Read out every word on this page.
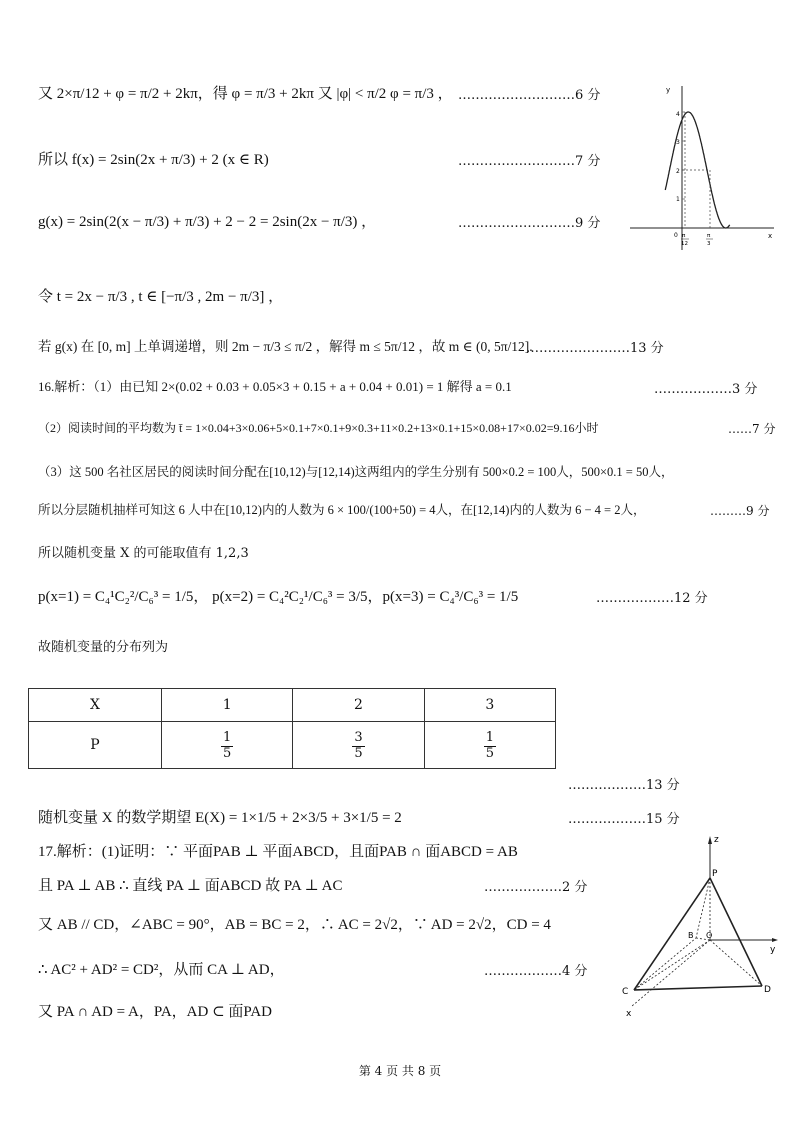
又 2×π/12 + φ = π/2 + 2kπ，得 φ = π/3 + 2kπ 又 |φ| < π/2 φ = π/3 ， ………………………6 分
所以 f(x) = 2sin(2x + π/3) + 2 (x ∈ R)	………………………7 分
g(x) = 2sin(2(x − π/3) + π/3) + 2 − 2 = 2sin(2x − π/3) ，	………………………9 分
令 t = 2x − π/3 , t ∈ [−π/3 , 2m − π/3] ，
若 g(x) 在 [0, m] 上单调递增，则 2m − π/3 ≤ π/2 ，解得 m ≤ 5π/12 ，故 m ∈ (0, 5π/12].
……………………13 分
16.解析：（1）由已知 2×(0.02 + 0.03 + 0.05×3 + 0.15 + a + 0.04 + 0.01) = 1 解得 a = 0.1	………………3 分
（2）阅读时间的平均数为 t̄ = 1×0.04+3×0.06+5×0.1+7×0.1+9×0.3+11×0.2+13×0.1+15×0.08+17×0.02=9.16小时	……7 分
（3）这 500 名社区居民的阅读时间分配在[10,12)与[12,14)这两组内的学生分别有 500×0.2 = 100人，500×0.1 = 50人，
所以分层随机抽样可知这 6 人中在[10,12)内的人数为 6 × 100/(100+50) = 4人，在[12,14)内的人数为 6 − 4 = 2人，	………9 分
所以随机变量 X 的可能取值有 1,2,3
p(x=1) = C₄¹C₂²/C₆³ = 1/5， p(x=2) = C₄²C₂¹/C₆³ = 3/5，p(x=3) = C₄³/C₆³ = 1/5	………………12 分
故随机变量的分布列为
X	1	2	3
P	$\frac{1}{5}$	$\frac{3}{5}$	$\frac{1}{5}$
………………13 分
随机变量 X 的数学期望 E(X) = 1×1/5 + 2×3/5 + 3×1/5 = 2	………………15 分
17.解析：(1)证明：∵ 平面PAB ⊥ 平面ABCD，且面PAB ∩ 面ABCD = AB
且 PA ⊥ AB ∴ 直线 PA ⊥ 面ABCD 故 PA ⊥ AC	………………2 分
又 AB // CD，∠ABC = 90°，AB = BC = 2，∴ AC = 2√2，∵ AD = 2√2，CD = 4
∴ AC² + AD² = CD²，从而 CA ⊥ AD，	………………4 分
又 PA ∩ AD = A，PA，AD ⊂ 面PAD
y
x
0
4
3
2
1
π
12
π
3
z
y
x
P
B O
C	D
第 4 页 共 8 页
